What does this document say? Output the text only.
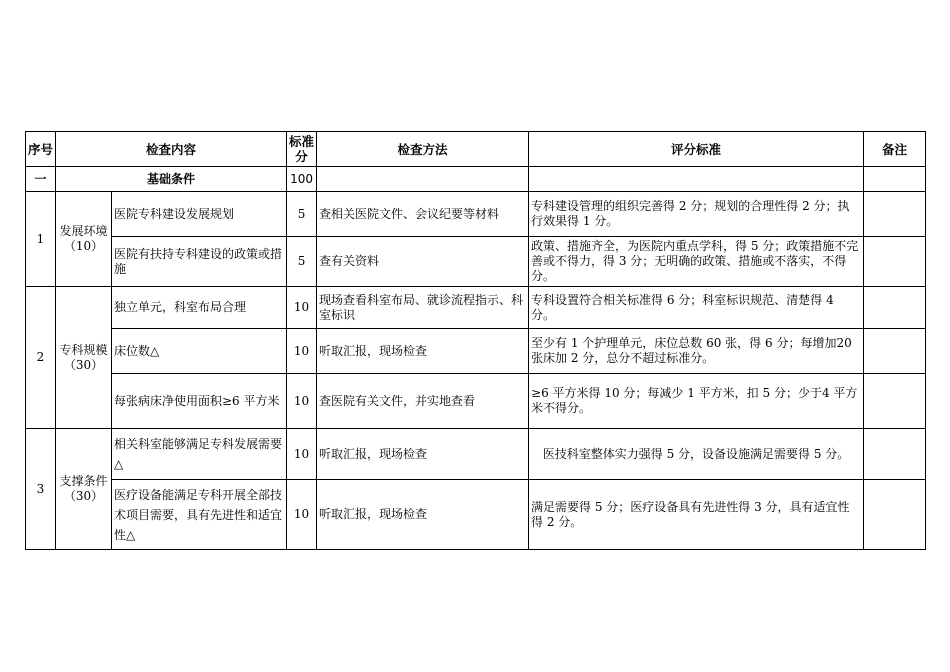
序号	检查内容		标准分	检查方法	评分标准	备注
一	基础条件		100			
1	发展环境（10）	医院专科建设发展规划	5	查相关医院文件、会议纪要等材料	专科建设管理的组织完善得 2 分；规划的合理性得 2 分；执行效果得 1 分。	
		医院有扶持专科建设的政策或措施	5	查有关资料	政策、措施齐全，为医院内重点学科，得 5 分；政策措施不完善或不得力，得 3 分；无明确的政策、措施或不落实，不得分。	
2	专科规模（30）	独立单元，科室布局合理	10	现场查看科室布局、就诊流程指示、科室标识	专科设置符合相关标准得 6 分；科室标识规范、清楚得 4 分。	
		床位数△	10	听取汇报，现场检查	至少有 1 个护理单元，床位总数 60 张，得 6 分；每增加20 张床加 2 分，总分不超过标准分。	
		每张病床净使用面积≥6 平方米	10	查医院有关文件，并实地查看	≥6 平方米得 10 分；每减少 1 平方米，扣 5 分；少于4 平方米不得分。	
3	支撑条件（30）	相关科室能够满足专科发展需要△	10	听取汇报，现场检查	医技科室整体实力强得 5 分，设备设施满足需要得 5 分。	
		医疗设备能满足专科开展全部技术项目需要，具有先进性和适宜性△	10	听取汇报，现场检查	满足需要得 5 分；医疗设备具有先进性得 3 分，具有适宜性得 2 分。	
